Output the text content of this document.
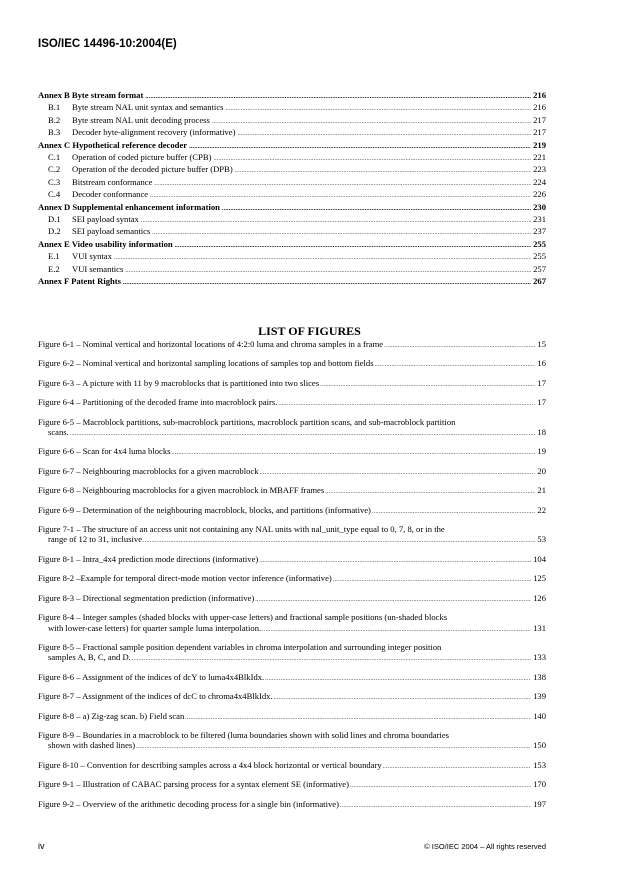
ISO/IEC 14496-10:2004(E)
Annex B Byte stream format .....	216
B.1	Byte stream NAL unit syntax and semantics .....	216
B.2	Byte stream NAL unit decoding process .....	217
B.3	Decoder byte-alignment recovery (informative) .....	217
Annex C Hypothetical reference decoder .....	219
C.1	Operation of coded picture buffer (CPB) .....	221
C.2	Operation of the decoded picture buffer (DPB) .....	223
C.3	Bitstream conformance .....	224
C.4	Decoder conformance .....	226
Annex D Supplemental enhancement information .....	230
D.1	SEI payload syntax .....	231
D.2	SEI payload semantics .....	237
Annex E Video usability information .....	255
E.1	VUI syntax .....	255
E.2	VUI semantics .....	257
Annex F Patent Rights .....	267
LIST OF FIGURES
Figure 6-1 – Nominal vertical and horizontal locations of 4:2:0 luma and chroma samples in a frame .....	15
Figure 6-2 – Nominal vertical and horizontal sampling locations of samples top and bottom fields .....	16
Figure 6-3 – A picture with 11 by 9 macroblocks that is partitioned into two slices .....	17
Figure 6-4 – Partitioning of the decoded frame into macroblock pairs. .....	17
Figure 6-5 – Macroblock partitions, sub-macroblock partitions, macroblock partition scans, and sub-macroblock partition
scans. .....	18
Figure 6-6 – Scan for 4x4 luma blocks .....	19
Figure 6-7 – Neighbouring macroblocks for a given macroblock .....	20
Figure 6-8 – Neighbouring macroblocks for a given macroblock in MBAFF frames .....	21
Figure 6-9 – Determination of the neighbouring macroblock, blocks, and partitions (informative) .....	22
Figure 7-1 – The structure of an access unit not containing any NAL units with nal_unit_type equal to 0, 7, 8, or in the
range of 12 to 31, inclusive .....	53
Figure 8-1 – Intra_4x4 prediction mode directions (informative) .....	104
Figure 8-2 –Example for temporal direct-mode motion vector inference (informative) .....	125
Figure 8-3 – Directional segmentation prediction (informative) .....	126
Figure 8-4 – Integer samples (shaded blocks with upper-case letters) and fractional sample positions (un-shaded blocks
with lower-case letters) for quarter sample luma interpolation. .....	131
Figure 8-5 – Fractional sample position dependent variables in chroma interpolation and surrounding integer position
samples A, B, C, and D. .....	133
Figure 8-6 – Assignment of the indices of dcY to luma4x4BlkIdx. .....	138
Figure 8-7 – Assignment of the indices of dcC to chroma4x4BlkIdx. .....	139
Figure 8-8 – a) Zig-zag scan. b) Field scan .....	140
Figure 8-9 – Boundaries in a macroblock to be filtered (luma boundaries shown with solid lines and chroma boundaries
shown with dashed lines) .....	150
Figure 8-10 – Convention for describing samples across a 4x4 block horizontal or vertical boundary .....	153
Figure 9-1 – Illustration of CABAC parsing process for a syntax element SE (informative) .....	170
Figure 9-2 – Overview of the arithmetic decoding process for a single bin (informative) .....	197
iv	© ISO/IEC 2004 – All rights reserved
